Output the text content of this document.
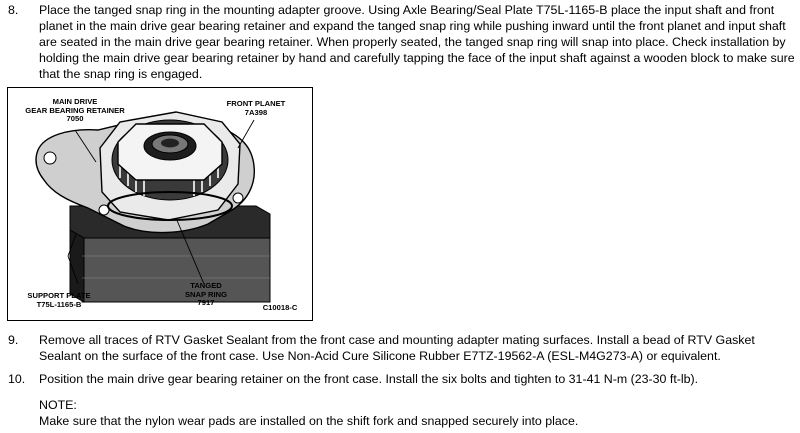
8.	Place the tanged snap ring in the mounting adapter groove. Using Axle Bearing/Seal Plate T75L-1165-B place the input shaft and front planet in the main drive gear bearing retainer and expand the tanged snap ring while pushing inward until the front planet and input shaft are seated in the main drive gear bearing retainer. When properly seated, the tanged snap ring will snap into place. Check installation by holding the main drive gear bearing retainer by hand and carefully tapping the face of the input shaft against a wooden block to make sure that the snap ring is engaged.
MAIN DRIVE
GEAR BEARING RETAINER
7050
FRONT PLANET
7A398
SUPPORT PLATE
T75L-1165-B
TANGED
SNAP RING
7917
C10018-C
9.	Remove all traces of RTV Gasket Sealant from the front case and mounting adapter mating surfaces. Install a bead of RTV Gasket Sealant on the surface of the front case. Use Non-Acid Cure Silicone Rubber E7TZ-19562-A (ESL-M4G273-A) or equivalent.
10.	Position the main drive gear bearing retainer on the front case. Install the six bolts and tighten to 31-41 N-m (23-30 ft-lb).
NOTE:
Make sure that the nylon wear pads are installed on the shift fork and snapped securely into place.
